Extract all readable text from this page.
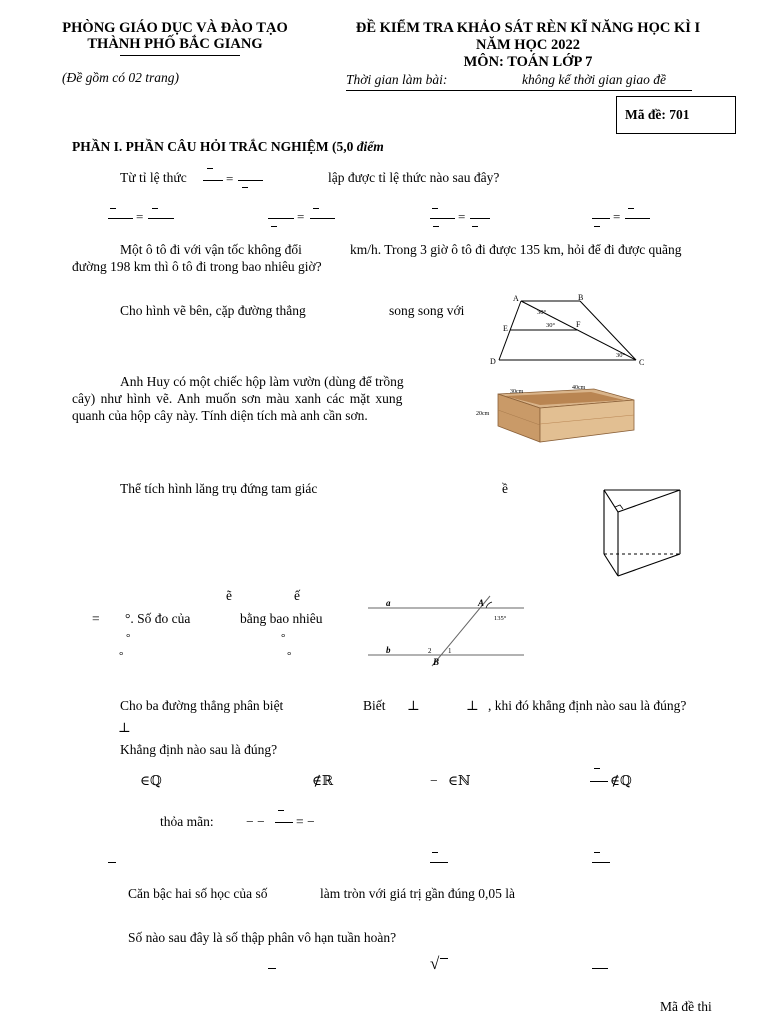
PHÒNG GIÁO DỤC VÀ ĐÀO TẠO
THÀNH PHỐ BẮC GIANG
(Đề gồm có 02 trang)
ĐỀ KIỂM TRA KHẢO SÁT RÈN KĨ NĂNG HỌC KÌ I
NĂM HỌC 2022
MÔN: TOÁN LỚP 7
Thời gian làm bài:	không kể thời gian giao đề
Mã đề: 701
PHẦN I. PHẦN CÂU HỎI TRẮC NGHIỆM (5,0 điểm
Từ tỉ lệ thức	=	lập được tỉ lệ thức nào sau đây?
=	=	=	=
Một ô tô đi với vận tốc không đổi	km/h. Trong 3 giờ ô tô đi được 135 km, hỏi để đi được quãng
đường 198 km thì ô tô đi trong bao nhiêu giờ?
Cho hình vẽ bên, cặp đường thẳng	song song với
A	B
E	F
D	C
30°
30°
30°
Anh Huy có một chiếc hộp làm vườn (dùng để trồng
cây) như hình vẽ. Anh muốn sơn màu xanh các mặt xung
quanh của hộp cây này. Tính diện tích mà anh cần sơn.
30cm
40cm
20cm
Thể tích hình lăng trụ đứng tam giác	ề
ẽ	ế
= °. Số đo của	bằng bao nhiêu
°	°
°	°
a
b
A
B
1
2
135°
Cho ba đường thẳng phân biệt	Biết ⊥	⊥ , khi đó khẳng định nào sau là đúng?
⊥
Khẳng định nào sau là đúng?
∈ℚ	∉ℝ	− ∈ℕ	∉ℚ
thỏa mãn: − − = −
Căn bậc hai số học của số	làm tròn với giá trị gần đúng 0,05 là
Số nào sau đây là số thập phân vô hạn tuần hoàn?
√
Mã đề thi
